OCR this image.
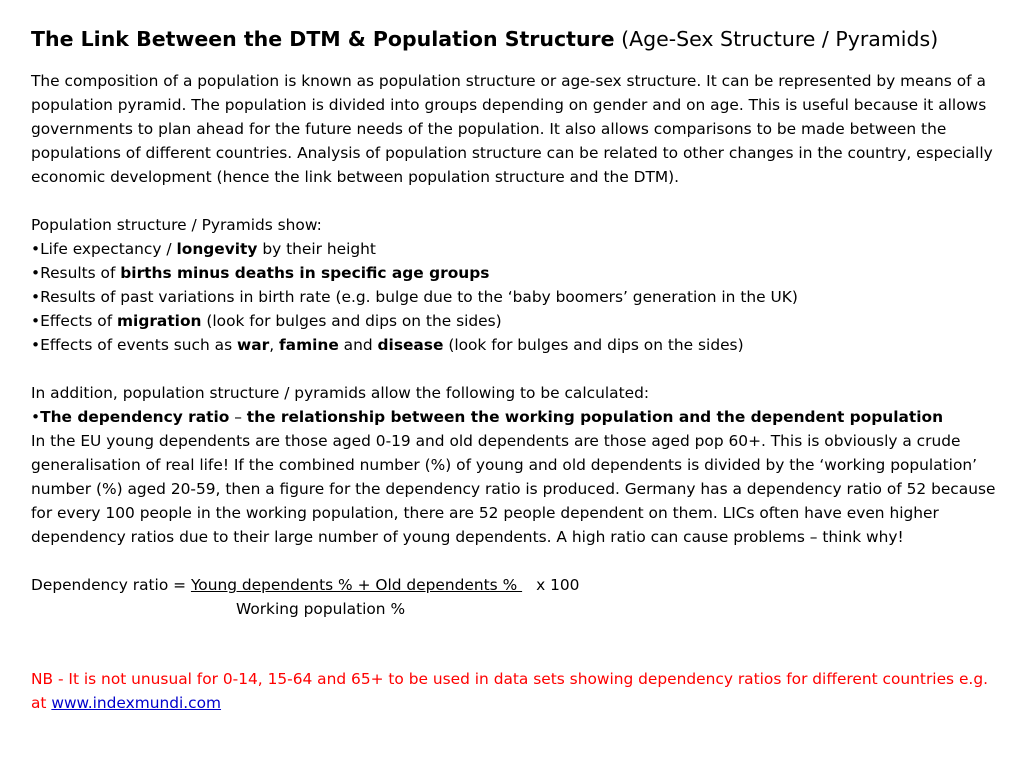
The Link Between the DTM & Population Structure (Age-Sex Structure / Pyramids)

The composition of a population is known as population structure or age-sex structure. It can be represented by means of a population pyramid. The population is divided into groups depending on gender and on age. This is useful because it allows governments to plan ahead for the future needs of the population. It also allows comparisons to be made between the populations of different countries. Analysis of population structure can be related to other changes in the country, especially economic development (hence the link between population structure and the DTM).

Population structure / Pyramids show:

•Life expectancy / longevity by their height

•Results of births minus deaths in specific age groups

•Results of past variations in birth rate (e.g. bulge due to the ‘baby boomers’ generation in the UK)

•Effects of migration (look for bulges and dips on the sides)

•Effects of events such as war, famine and disease (look for bulges and dips on the sides)

In addition, population structure / pyramids allow the following to be calculated:

•The dependency ratio – the relationship between the working population and the dependent population

In the EU young dependents are those aged 0-19 and old dependents are those aged pop 60+. This is obviously a crude generalisation of real life! If the combined number (%) of young and old dependents is divided by the ‘working population’ number (%) aged 20-59, then a figure for the dependency ratio is produced. Germany has a dependency ratio of 52 because for every 100 people in the working population, there are 52 people dependent on them. LICs often have even higher dependency ratios due to their large number of young dependents. A high ratio can cause problems – think why!

Dependency ratio = Young dependents % + Old dependents % x 100

Working population %

NB - It is not unusual for 0-14, 15-64 and 65+ to be used in data sets showing dependency ratios for different countries e.g. at www.indexmundi.com
